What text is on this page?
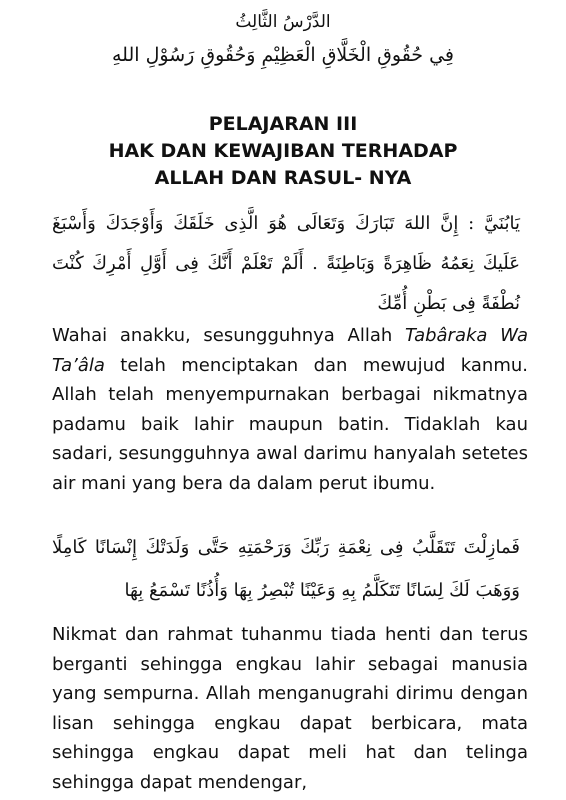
الدَّرْسُ الثَّالِثُ
فِي حُقُوقِ الْخَلَّاقِ الْعَظِيْمِ وَحُقُوقِ رَسُوْلِ اللهِ
PELAJARAN III
HAK DAN KEWAJIBAN TERHADAP
ALLAH DAN RASUL- NYA
يَابُنَيَّ : إِنَّ اللهَ تَبَارَكَ وَتَعَالَى هُوَ الَّذِى خَلَقَكَ وَأَوْجَدَكَ وَأَسْبَغَ عَلَيكَ نِعَمُهُ ظَاهِرَةً وَبَاطِنَةً . أَلَمْ تَعْلَمْ أَنَّكَ فِى أَوَّلِ أَمْرِكَ كُنْتَ نُطْفَةً فِى بَطْنِ أُمِّكَ

Wahai anakku, sesungguhnya Allah Tabâraka Wa Ta’âla telah menciptakan dan mewujud kanmu. Allah telah menyempurnakan berbagai nikmatnya padamu baik lahir maupun batin. Tidaklah kau sadari, sesungguhnya awal darimu hanyalah setetes air mani yang bera da dalam perut ibumu.

فَمازِلْتَ تَتَقَلَّبُ فِى نِعْمَةِ رَبِّكَ وَرَحْمَتِهِ حَتَّى وَلَدَتْكَ إِنْسَانًا كَامِلًا وَوَهَبَ لَكَ لِسَانًا تَتَكَلَّمُ بِهِ وَعَيْنًا تُبْصِرُ بِهَا وَأُذُنًا تَسْمَعُ بِهَا

Nikmat dan rahmat tuhanmu tiada henti dan terus berganti sehingga engkau lahir sebagai manusia yang sempurna. Allah menganugrahi dirimu dengan lisan sehingga engkau dapat berbicara, mata sehingga engkau dapat meli hat dan telinga sehingga dapat mendengar,
